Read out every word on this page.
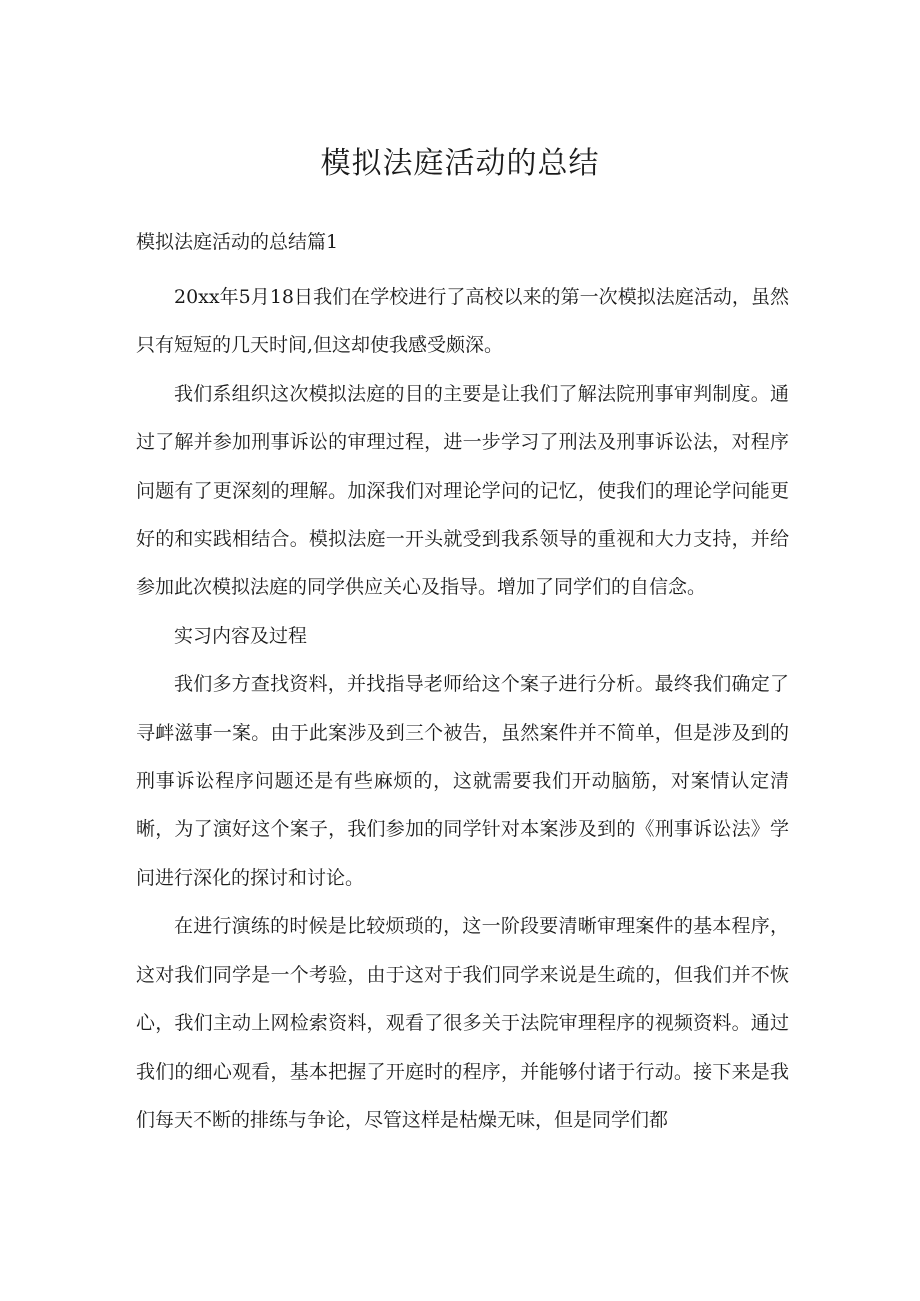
模拟法庭活动的总结

模拟法庭活动的总结篇1

20xx年5月18日我们在学校进行了高校以来的第一次模拟法庭活动，虽然只有短短的几天时间,但这却使我感受颇深。

我们系组织这次模拟法庭的目的主要是让我们了解法院刑事审判制度。通过了解并参加刑事诉讼的审理过程，进一步学习了刑法及刑事诉讼法，对程序问题有了更深刻的理解。加深我们对理论学问的记忆，使我们的理论学问能更好的和实践相结合。模拟法庭一开头就受到我系领导的重视和大力支持，并给参加此次模拟法庭的同学供应关心及指导。增加了同学们的自信念。

实习内容及过程

我们多方查找资料，并找指导老师给这个案子进行分析。最终我们确定了寻衅滋事一案。由于此案涉及到三个被告，虽然案件并不简单，但是涉及到的刑事诉讼程序问题还是有些麻烦的，这就需要我们开动脑筋，对案情认定清晰，为了演好这个案子，我们参加的同学针对本案涉及到的《刑事诉讼法》学问进行深化的探讨和讨论。

在进行演练的时候是比较烦琐的，这一阶段要清晰审理案件的基本程序，这对我们同学是一个考验，由于这对于我们同学来说是生疏的，但我们并不恢心，我们主动上网检索资料，观看了很多关于法院审理程序的视频资料。通过我们的细心观看，基本把握了开庭时的程序，并能够付诸于行动。接下来是我们每天不断的排练与争论，尽管这样是枯燥无味，但是同学们都
